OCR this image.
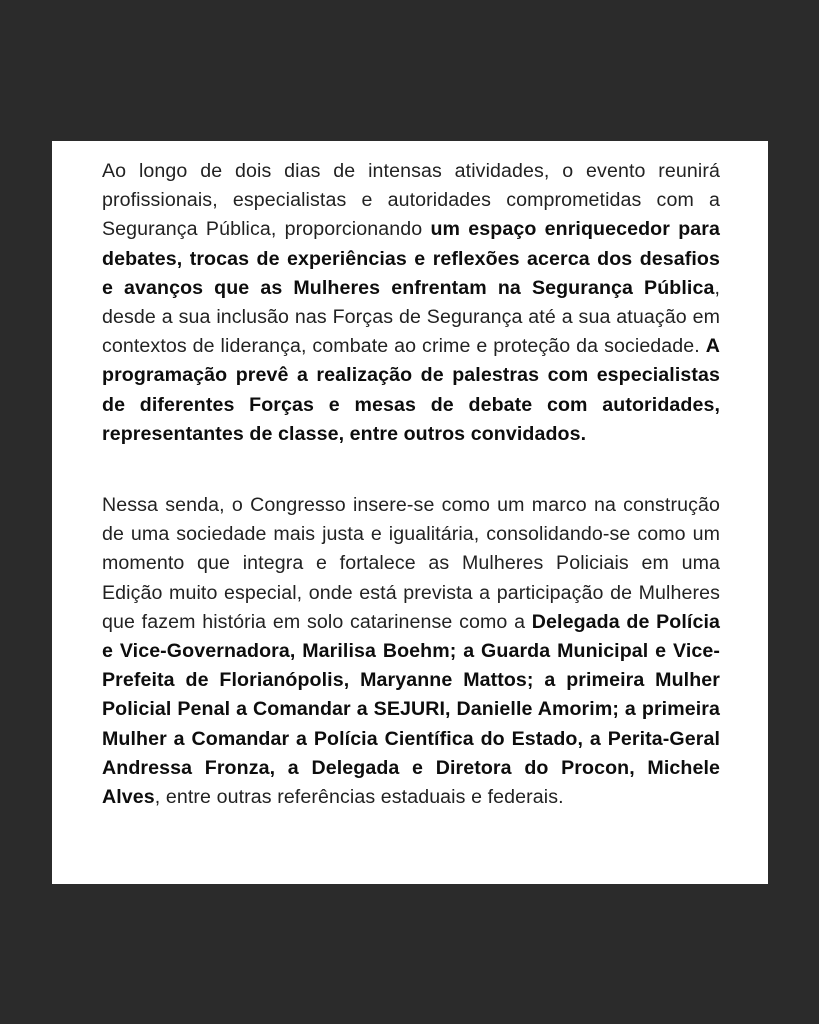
Ao longo de dois dias de intensas atividades, o evento reunirá profissionais, especialistas e autoridades comprometidas com a Segurança Pública, proporcionando um espaço enriquecedor para debates, trocas de experiências e reflexões acerca dos desafios e avanços que as Mulheres enfrentam na Segurança Pública, desde a sua inclusão nas Forças de Segurança até a sua atuação em contextos de liderança, combate ao crime e proteção da sociedade. A programação prevê a realização de palestras com especialistas de diferentes Forças e mesas de debate com autoridades, representantes de classe, entre outros convidados.

Nessa senda, o Congresso insere-se como um marco na construção de uma sociedade mais justa e igualitária, consolidando-se como um momento que integra e fortalece as Mulheres Policiais em uma Edição muito especial, onde está prevista a participação de Mulheres que fazem história em solo catarinense como a Delegada de Polícia e Vice-Governadora, Marilisa Boehm; a Guarda Municipal e Vice-Prefeita de Florianópolis, Maryanne Mattos; a primeira Mulher Policial Penal a Comandar a SEJURI, Danielle Amorim; a primeira Mulher a Comandar a Polícia Científica do Estado, a Perita-Geral Andressa Fronza, a Delegada e Diretora do Procon, Michele Alves, entre outras referências estaduais e federais.
